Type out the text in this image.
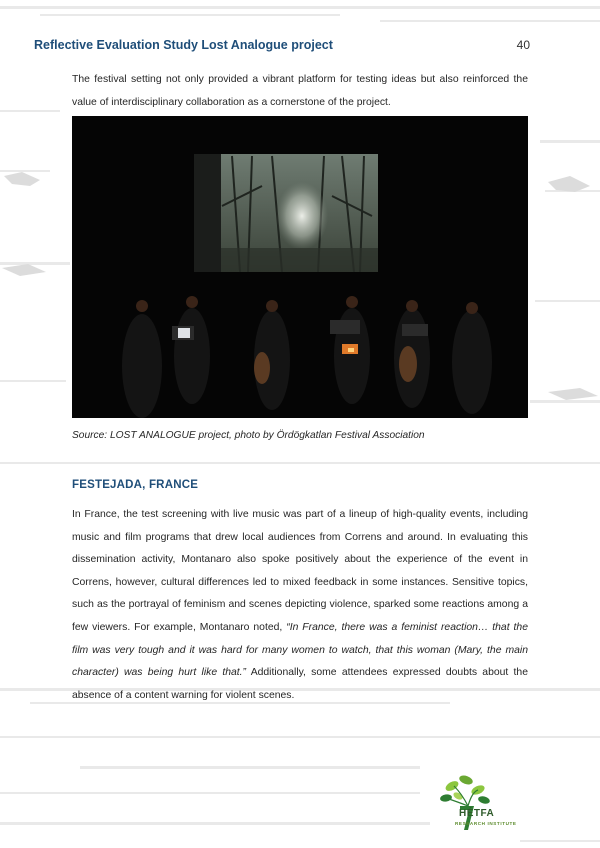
Reflective Evaluation Study Lost Analogue project	40

The festival setting not only provided a vibrant platform for testing ideas but also reinforced the value of interdisciplinary collaboration as a cornerstone of the project.

Source: LOST ANALOGUE project, photo by Ördögkatlan Festival Association
FESTEJADA, FRANCE

In France, the test screening with live music was part of a lineup of high-quality events, including music and film programs that drew local audiences from Correns and around. In evaluating this dissemination activity, Montanaro also spoke positively about the experience of the event in Correns, however, cultural differences led to mixed feedback in some instances. Sensitive topics, such as the portrayal of feminism and scenes depicting violence, sparked some reactions among a few viewers. For example, Montanaro noted, “In France, there was a feminist reaction… that the film was very tough and it was hard for many women to watch, that this woman (Mary, the main character) was being hurt like that.” Additionally, some attendees expressed doubts about the absence of a content warning for violent scenes.

HÉTFA
RESEARCH INSTITUTE
